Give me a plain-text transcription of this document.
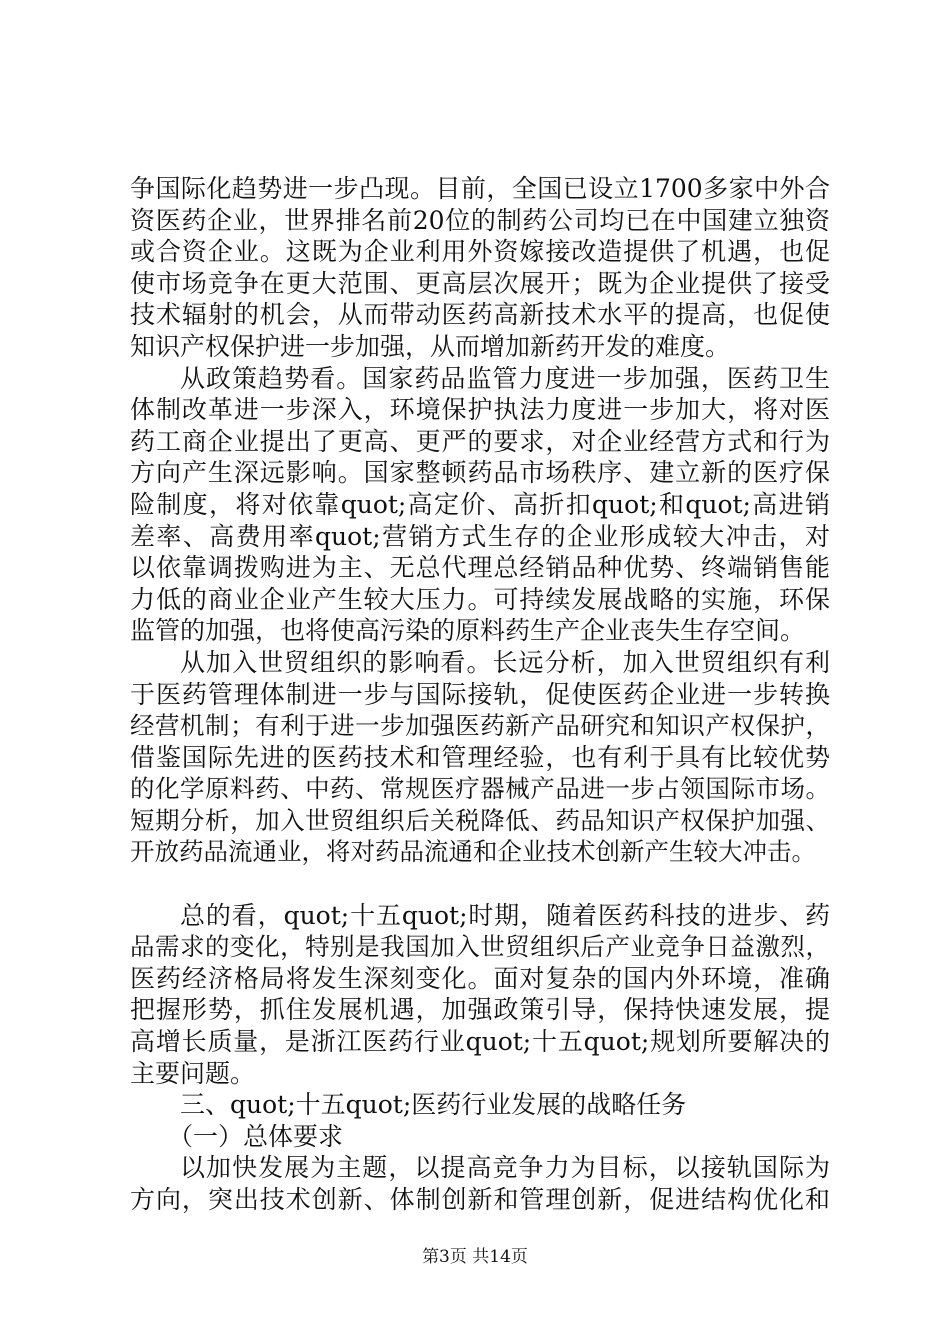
争国际化趋势进一步凸现。目前，全国已设立1700多家中外合
资医药企业，世界排名前20位的制药公司均已在中国建立独资
或合资企业。这既为企业利用外资嫁接改造提供了机遇，也促
使市场竞争在更大范围、更高层次展开；既为企业提供了接受
技术辐射的机会，从而带动医药高新技术水平的提高，也促使
知识产权保护进一步加强，从而增加新药开发的难度。
从政策趋势看。国家药品监管力度进一步加强，医药卫生
体制改革进一步深入，环境保护执法力度进一步加大，将对医
药工商企业提出了更高、更严的要求，对企业经营方式和行为
方向产生深远影响。国家整顿药品市场秩序、建立新的医疗保
险制度，将对依靠quot;高定价、高折扣quot;和quot;高进销
差率、高费用率quot;营销方式生存的企业形成较大冲击，对
以依靠调拨购进为主、无总代理总经销品种优势、终端销售能
力低的商业企业产生较大压力。可持续发展战略的实施，环保
监管的加强，也将使高污染的原料药生产企业丧失生存空间。
从加入世贸组织的影响看。长远分析，加入世贸组织有利
于医药管理体制进一步与国际接轨，促使医药企业进一步转换
经营机制；有利于进一步加强医药新产品研究和知识产权保护，
借鉴国际先进的医药技术和管理经验，也有利于具有比较优势
的化学原料药、中药、常规医疗器械产品进一步占领国际市场。
短期分析，加入世贸组织后关税降低、药品知识产权保护加强、
开放药品流通业，将对药品流通和企业技术创新产生较大冲击。
总的看，quot;十五quot;时期，随着医药科技的进步、药
品需求的变化，特别是我国加入世贸组织后产业竞争日益激烈，
医药经济格局将发生深刻变化。面对复杂的国内外环境，准确
把握形势，抓住发展机遇，加强政策引导，保持快速发展，提
高增长质量，是浙江医药行业quot;十五quot;规划所要解决的
主要问题。
三、quot;十五quot;医药行业发展的战略任务
（一）总体要求
以加快发展为主题，以提高竞争力为目标，以接轨国际为
方向，突出技术创新、体制创新和管理创新，促进结构优化和
第3页 共14页
